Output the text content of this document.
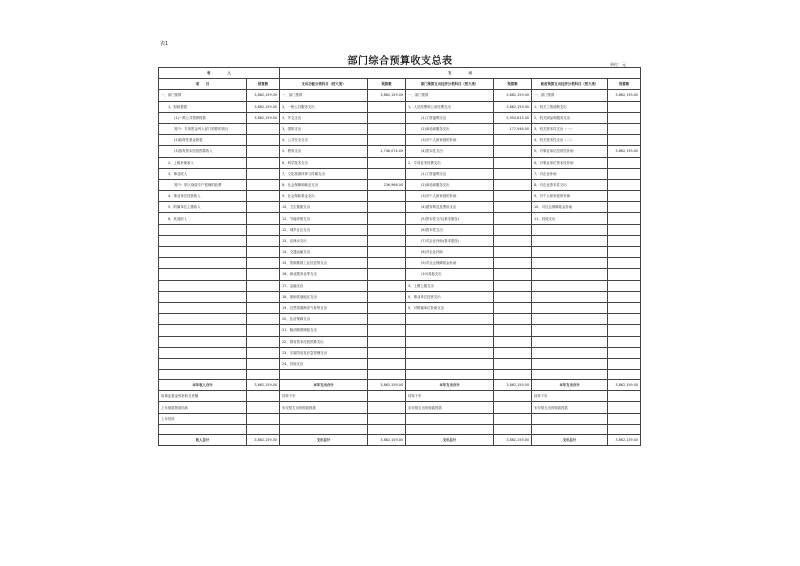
表1
部门综合预算收支总表	单位：元
收　　　　　入		支　　　　　出					
项　　目	预算数	支出功能分类科目（按大类）	预算数	部门预算支出经济分类科目（按大类）	预算数	政府预算支出经济分类科目（按大类）	预算数
一、部门预算	3,862,159.00	一、部门预算	3,862,159.00	一、部门预算	3,862,159.00	一、部门预算	3,862,159.00
1、财政拨款	3,862,159.00	1、一般公共服务支出		1、人员经费和公用经费支出	3,862,159.00	1、机关工资福利支出	
(1)一般公共预算拨款	3,862,159.00	2、外交支出		(1)工资福利支出	2,954,613.00	2、机关商品和服务支出	
其中：专项资金列入部门预算的项目		3、国防支出		(2)商品和服务支出	177,546.00	3、机关资本性支出（一）	
(2)政府性基金拨款		4、公共安全支出		(3)对个人和家庭的补助		4、机关资本性支出（二）	
(3)国有资本经营预算收入		5、教育支出	2,746,074.00	(4)资本性支出		5、对事业单位经常性补助	3,862,159.00
2、上级补助收入		6、科学技术支出		2、专项业务经费支出		6、对事业单位资本性补助	
3、事业收入		7、文化旅游体育与传媒支出		(1)工资福利支出		7、对企业补助	
其中：纳入财政专户管理的收费		8、社会保障和就业支出	236,966.00	(2)商品和服务支出		8、对企业资本性支出	
4、事业单位经营收入		9、社会保险基金支出		(3)对个人和家庭的补助		9、对个人和家庭的补助	
5、附属单位上缴收入		10、卫生健康支出		(4)债务利息及费用支出		10、对社会保障基金补助	
6、其他收入		11、节能环保支出		(5)资本性支出(基本建设)		11、其他支出	
		12、城乡社区支出		(6)资本性支出			
		13、农林水支出		(7)对企业补助(基本建设)			
		14、交通运输支出		(8)对企业补助			
		15、资源勘探工业信息等支出		(9)对社会保障基金补助			
		16、商业服务业等支出		(10)其他支出			
		17、金融支出		3、上缴上级支出			
		18、援助其他地区支出		4、事业单位经营支出			
		19、自然资源海洋气象等支出		5、对附属单位补助支出			
		20、住房保障支出					
		21、粮油物资储备支出					
		22、国有资本经营预算支出					
		23、灾害防治及应急管理支出					
		24、其他支出					

本年收入合计	3,862,159.00	本年支出合计	3,862,159.00	本年支出合计	3,862,159.00	本年支出合计	3,862,159.00
用事业基金弥补收支差额		结转下年		结转下年		结转下年	
上年财政拨款结转		未安排支出的财政拨款		未安排支出的财政拨款		未安排支出的财政拨款	
上年结转							

收入总计	3,862,159.00	支出总计	3,862,159.00	支出总计	3,862,159.00	支出总计	3,862,159.00
